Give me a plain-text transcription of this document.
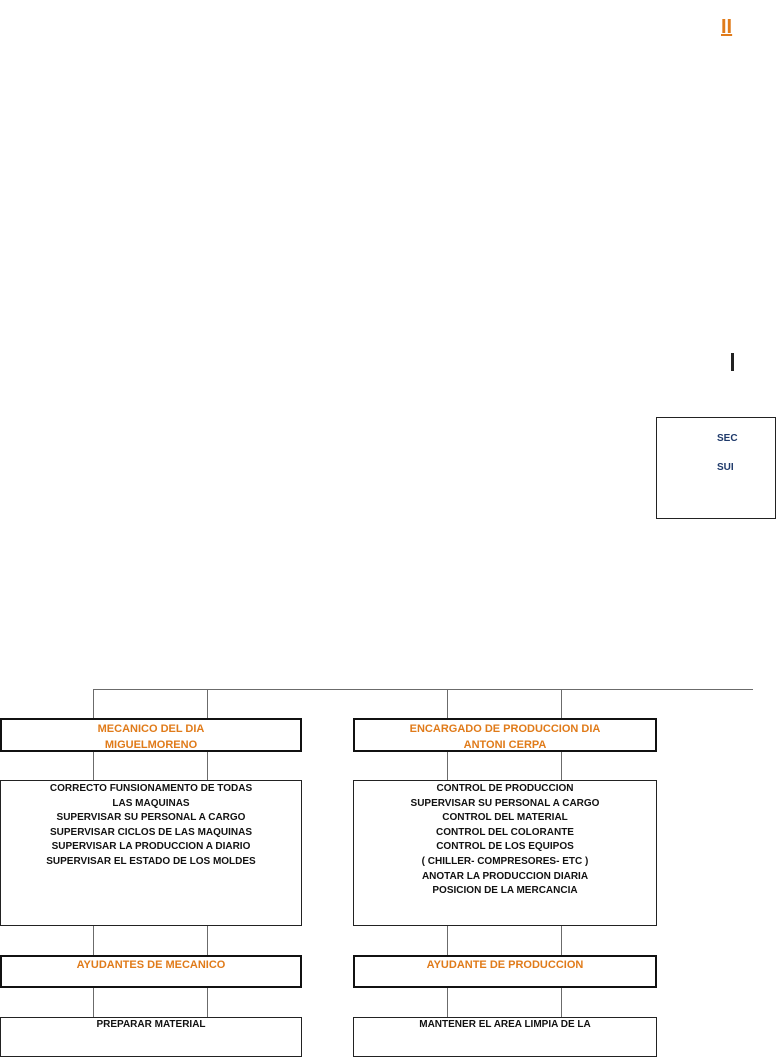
II
SEC
SUI
MECANICO DEL DIA
MIGUELMORENO
CORRECTO FUNSIONAMENTO DE TODAS
LAS MAQUINAS
SUPERVISAR SU PERSONAL A CARGO
SUPERVISAR CICLOS DE LAS MAQUINAS
SUPERVISAR LA PRODUCCION A DIARIO
SUPERVISAR EL ESTADO DE LOS MOLDES
AYUDANTES DE MECANICO
PREPARAR MATERIAL
ENCARGADO DE PRODUCCION DIA
ANTONI CERPA
CONTROL DE PRODUCCION
SUPERVISAR SU PERSONAL A CARGO
CONTROL DEL MATERIAL
CONTROL DEL COLORANTE
CONTROL DE LOS EQUIPOS
( CHILLER- COMPRESORES- ETC )
ANOTAR LA PRODUCCION DIARIA
POSICION DE LA MERCANCIA
AYUDANTE DE PRODUCCION
MANTENER EL AREA LIMPIA DE LA
